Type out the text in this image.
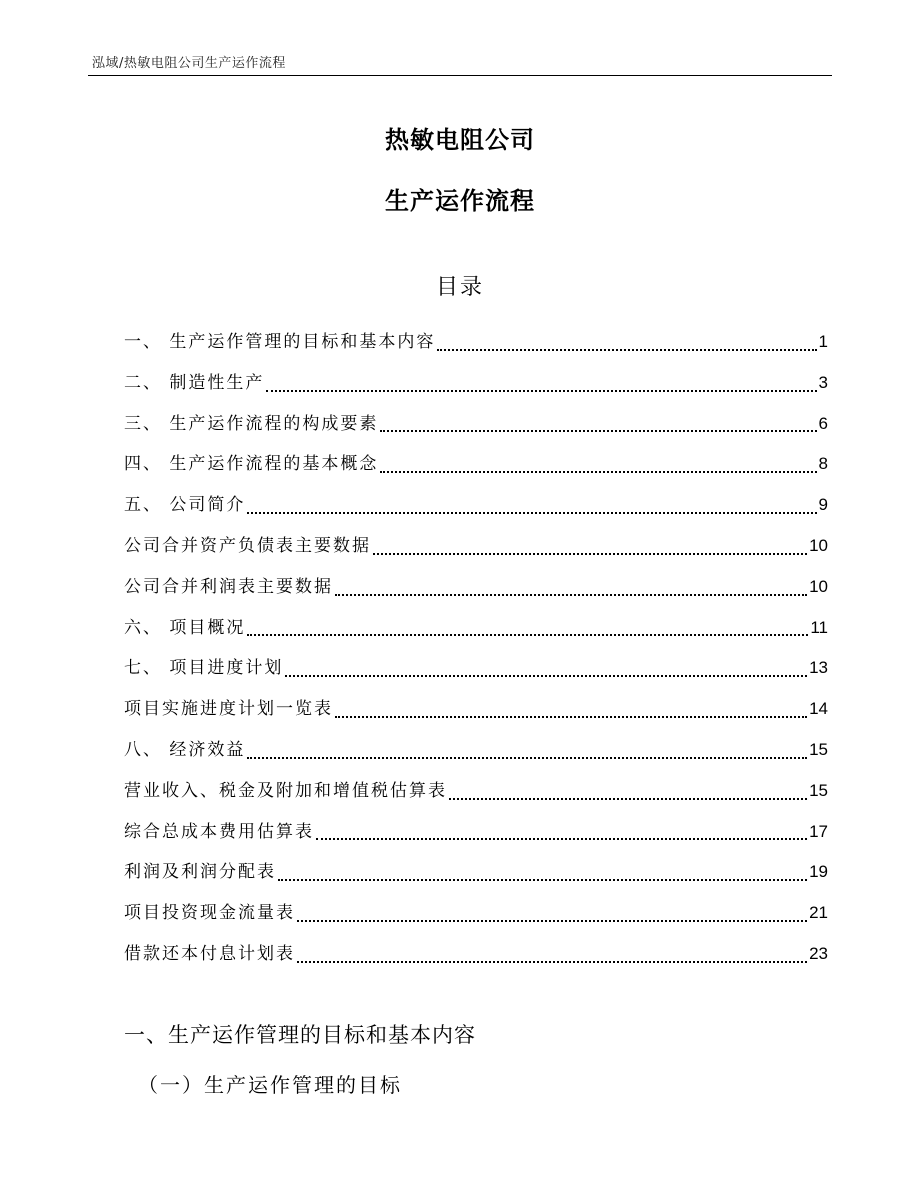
泓域/热敏电阻公司生产运作流程
热敏电阻公司
生产运作流程
目录
一、 生产运作管理的目标和基本内容	1
二、 制造性生产	3
三、 生产运作流程的构成要素	6
四、 生产运作流程的基本概念	8
五、 公司简介	9
公司合并资产负债表主要数据	10
公司合并利润表主要数据	10
六、 项目概况	11
七、 项目进度计划	13
项目实施进度计划一览表	14
八、 经济效益	15
营业收入、税金及附加和增值税估算表	15
综合总成本费用估算表	17
利润及利润分配表	19
项目投资现金流量表	21
借款还本付息计划表	23
一、生产运作管理的目标和基本内容
（一）生产运作管理的目标
